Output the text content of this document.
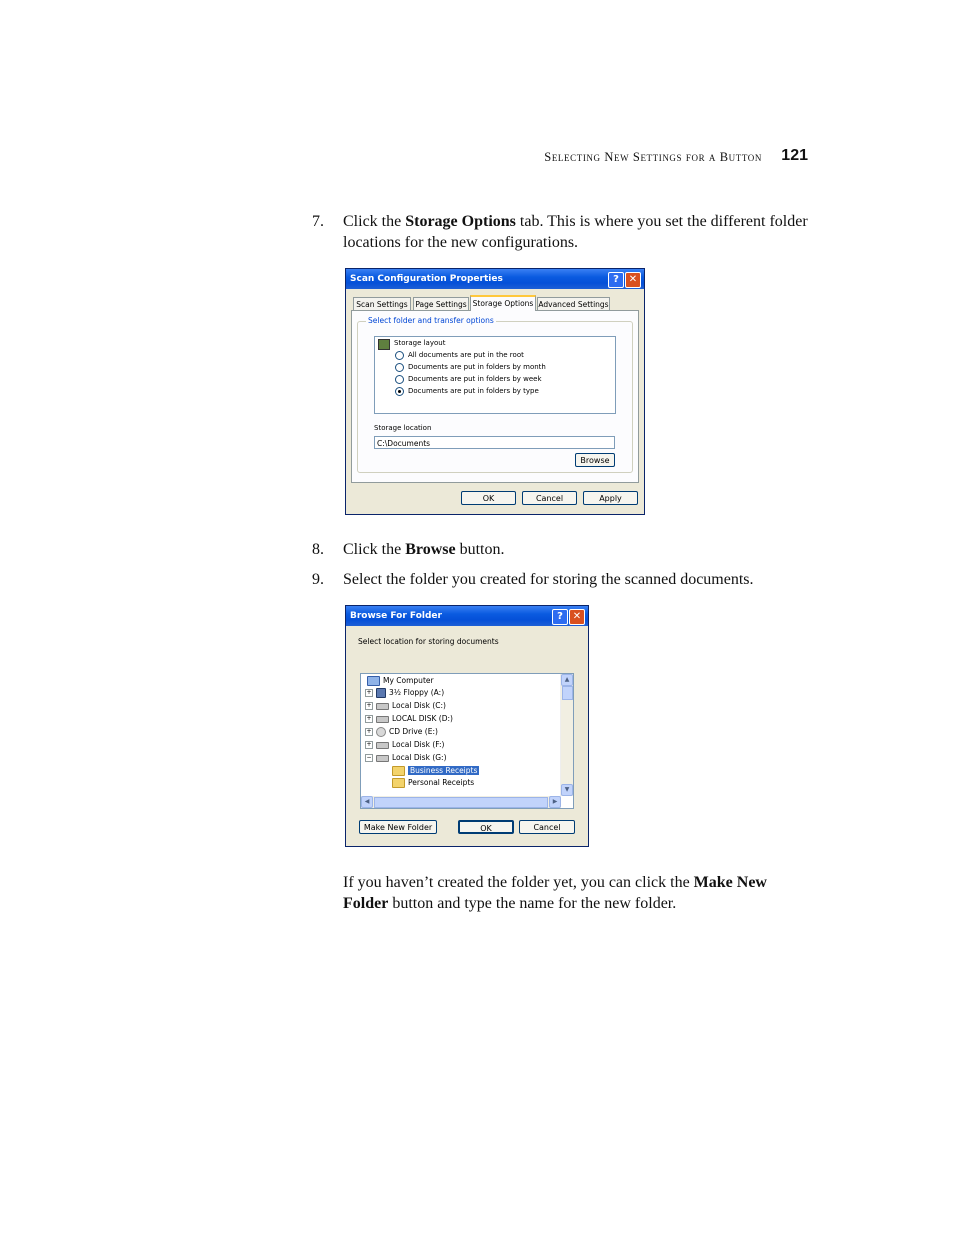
Selecting New Settings for a Button 121
7. Click the Storage Options tab. This is where you set the different folder locations for the new configurations.
Scan Configuration Properties	? ✕
Scan Settings	Page Settings Storage Options Advanced Settings
Select folder and transfer options
Storage layout
All documents are put in the root
Documents are put in folders by month
Documents are put in folders by week
Documents are put in folders by type
Storage location
C:\Documents
Browse
OK	Cancel	Apply
8. Click the Browse button.
9. Select the folder you created for storing the scanned documents.
Browse For Folder	? ✕
Select location for storing documents
My Computer
+ 3½ Floppy (A:)
+	Local Disk (C:)
+	LOCAL DISK (D:)
+ CD Drive (E:)
+	Local Disk (F:)
−	Local Disk (G:)
Business Receipts
Personal Receipts
▲
▼
◀	▶
Make New Folder	OK	Cancel
If you haven’t created the folder yet, you can click the Make New Folder button and type the name for the new folder.
